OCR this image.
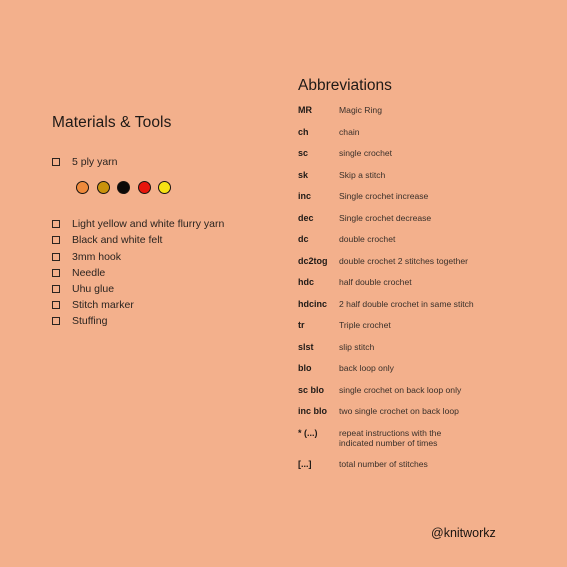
Materials & Tools
5 ply yarn
Light yellow and white flurry yarn
Black and white felt
3mm hook
Needle
Uhu glue
Stitch marker
Stuffing
Abbreviations
MR	Magic Ring
ch	chain
sc	single crochet
sk	Skip a stitch
inc	Single crochet increase
dec	Single crochet decrease
dc	double crochet
dc2tog	double crochet 2 stitches together
hdc	half double crochet
hdcinc	2 half double crochet in same stitch
tr	Triple crochet
slst	slip stitch
blo	back loop only
sc blo	single crochet on back loop only
inc blo	two single crochet on back loop
* (...)	repeat instructions with the indicated number of times
[...]	total number of stitches
@knitworkz
